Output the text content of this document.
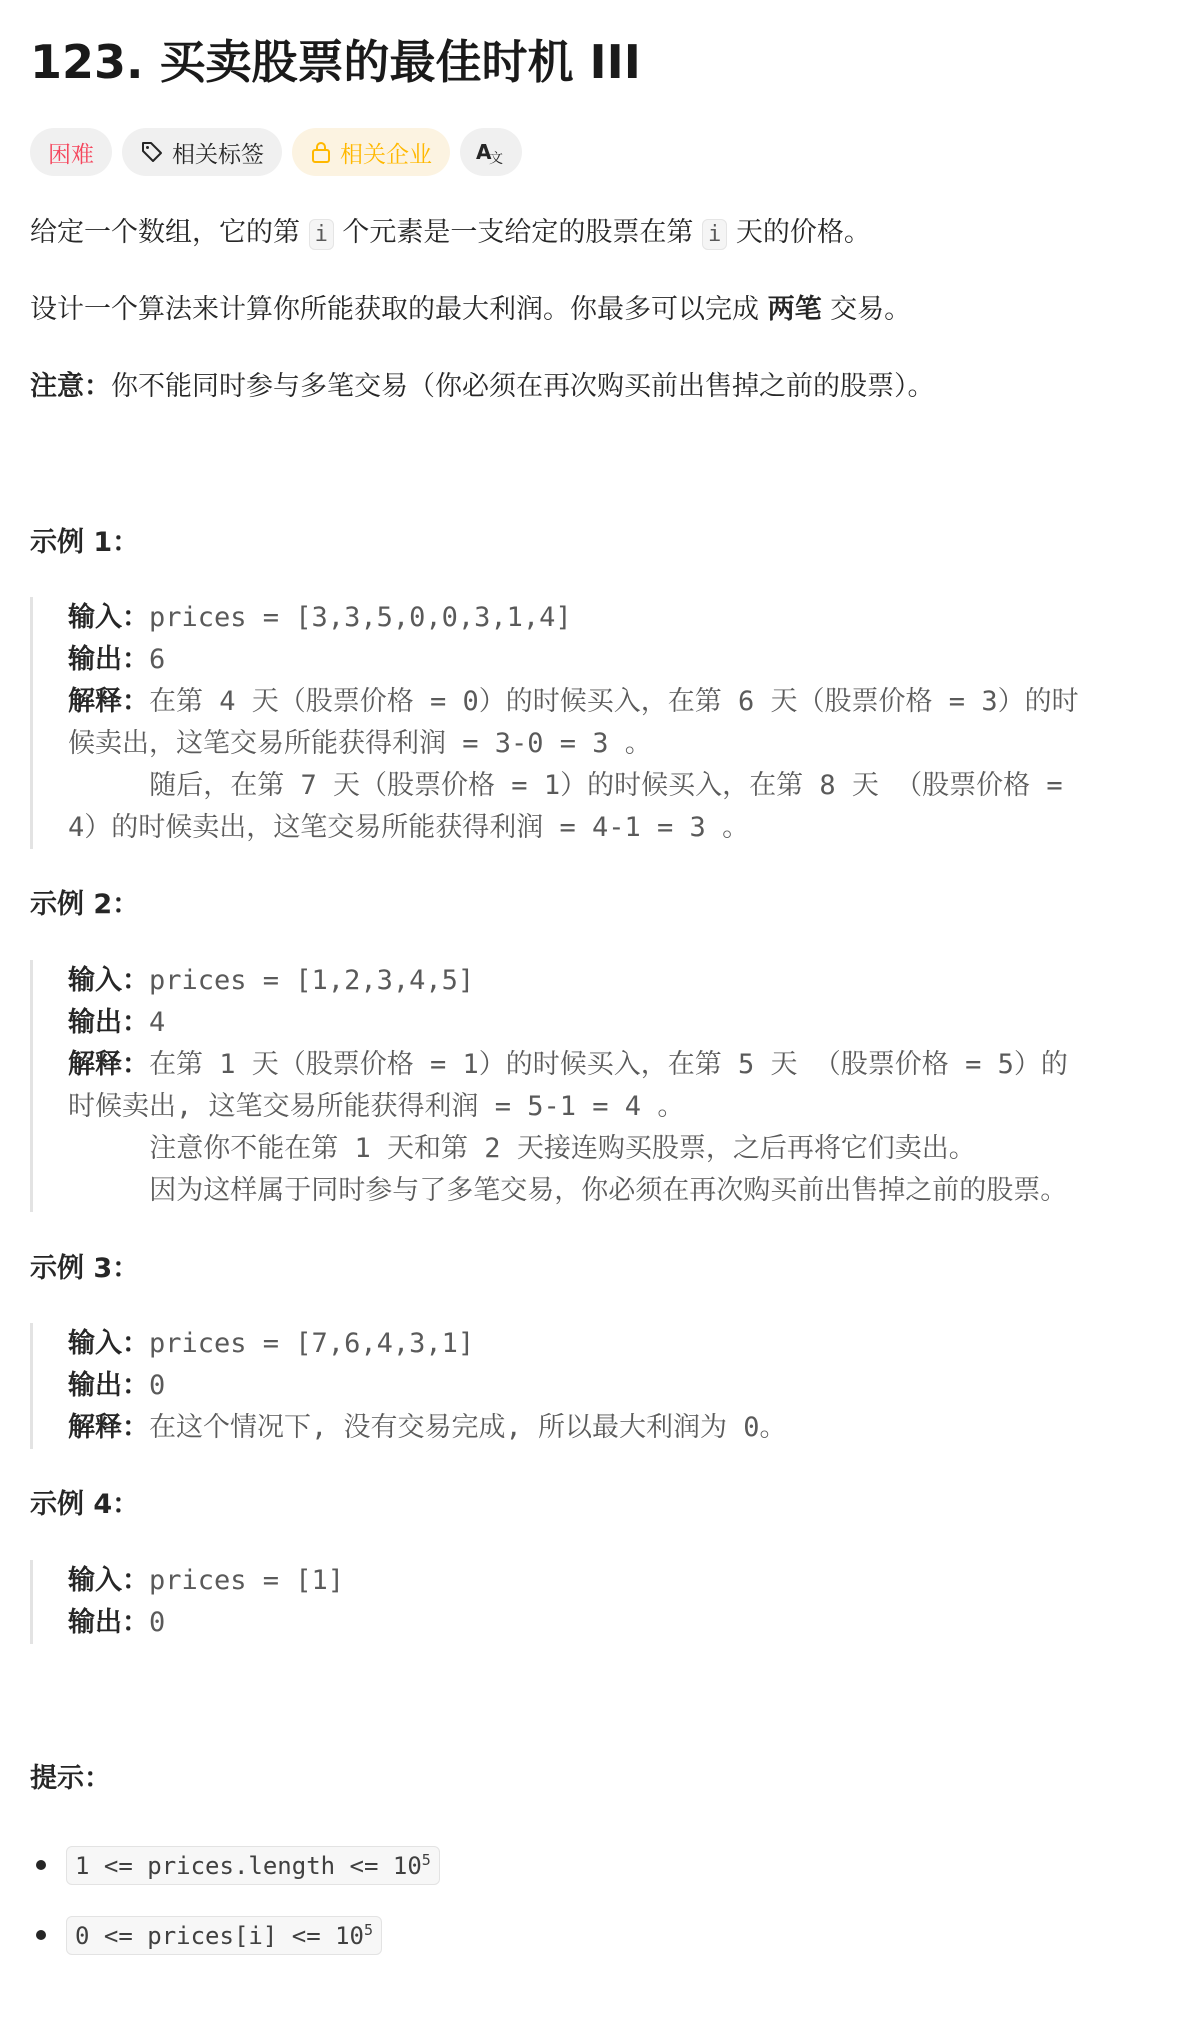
123. 买卖股票的最佳时机 III
困难	相关标签	相关企业 A
文

给定一个数组，它的第 i 个元素是一支给定的股票在第 i 天的价格。

设计一个算法来计算你所能获取的最大利润。你最多可以完成 两笔 交易。

注意：你不能同时参与多笔交易（你必须在再次购买前出售掉之前的股票）。

示例 1：
输入：prices = [3,3,5,0,0,3,1,4]
输出：6
解释：在第 4 天（股票价格 = 0）的时候买入，在第 6 天（股票价格 = 3）的时
候卖出，这笔交易所能获得利润 = 3-0 = 3 。
随后，在第 7 天（股票价格 = 1）的时候买入，在第 8 天 （股票价格 =
4）的时候卖出，这笔交易所能获得利润 = 4-1 = 3 。
示例 2：
输入：prices = [1,2,3,4,5]
输出：4
解释：在第 1 天（股票价格 = 1）的时候买入，在第 5 天 （股票价格 = 5）的
时候卖出, 这笔交易所能获得利润 = 5-1 = 4 。
注意你不能在第 1 天和第 2 天接连购买股票，之后再将它们卖出。
因为这样属于同时参与了多笔交易，你必须在再次购买前出售掉之前的股票。
示例 3：
输入：prices = [7,6,4,3,1]
输出：0
解释：在这个情况下, 没有交易完成, 所以最大利润为 0。
示例 4：
输入：prices = [1]
输出：0
提示：
1 <= prices.length <= $10^5$
0 <= prices[i] <= $10^5$
